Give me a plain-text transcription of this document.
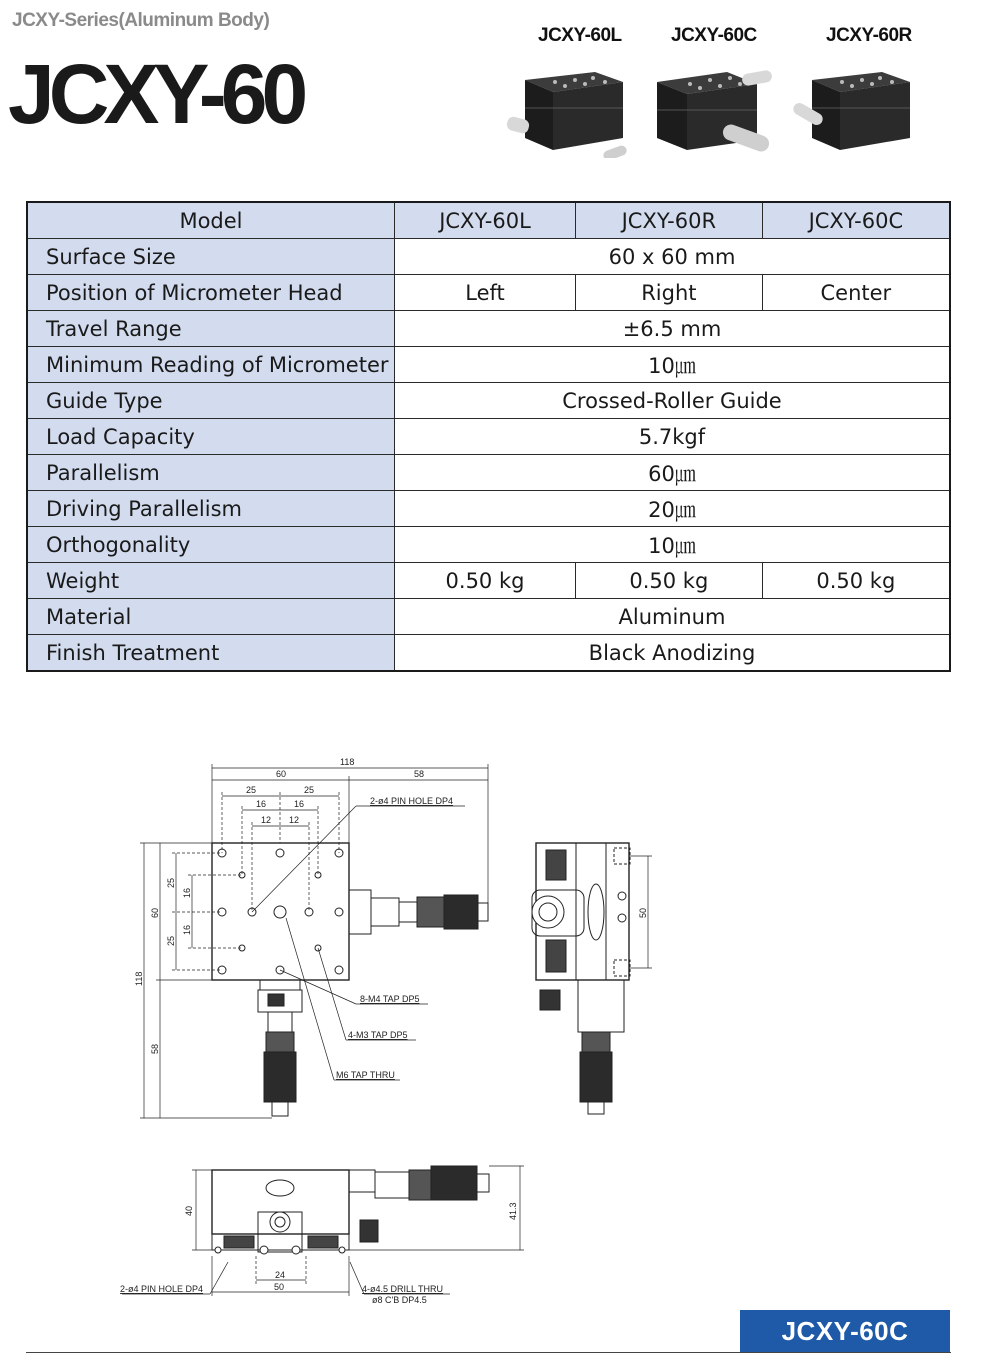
JCXY-Series(Aluminum Body)
JCXY-60
JCXY-60L	JCXY-60C	JCXY-60R
Model	JCXY-60L	JCXY-60R	JCXY-60C
Surface Size	60 x 60 mm		
Position of Micrometer Head	Left	Right	Center
Travel Range	±6.5 mm		
Minimum Reading of Micrometer	10㎛		
Guide Type	Crossed-Roller Guide		
Load Capacity	5.7kgf		
Parallelism	60㎛		
Driving Parallelism	20㎛		
Orthogonality	10㎛		
Weight	0.50 kg	0.50 kg	0.50 kg
Material	Aluminum		
Finish Treatment	Black Anodizing		
118
60	58
25	25
16	16
12 12
25
25
16
16
60
118
58
50
40	41.3
24
50
2-ø4 PIN HOLE DP4
8-M4 TAP DP5
4-M3 TAP DP5
M6 TAP THRU
2-ø4 PIN HOLE DP4	4-ø4.5 DRILL THRU
ø8 C'B DP4.5
JCXY-60C
